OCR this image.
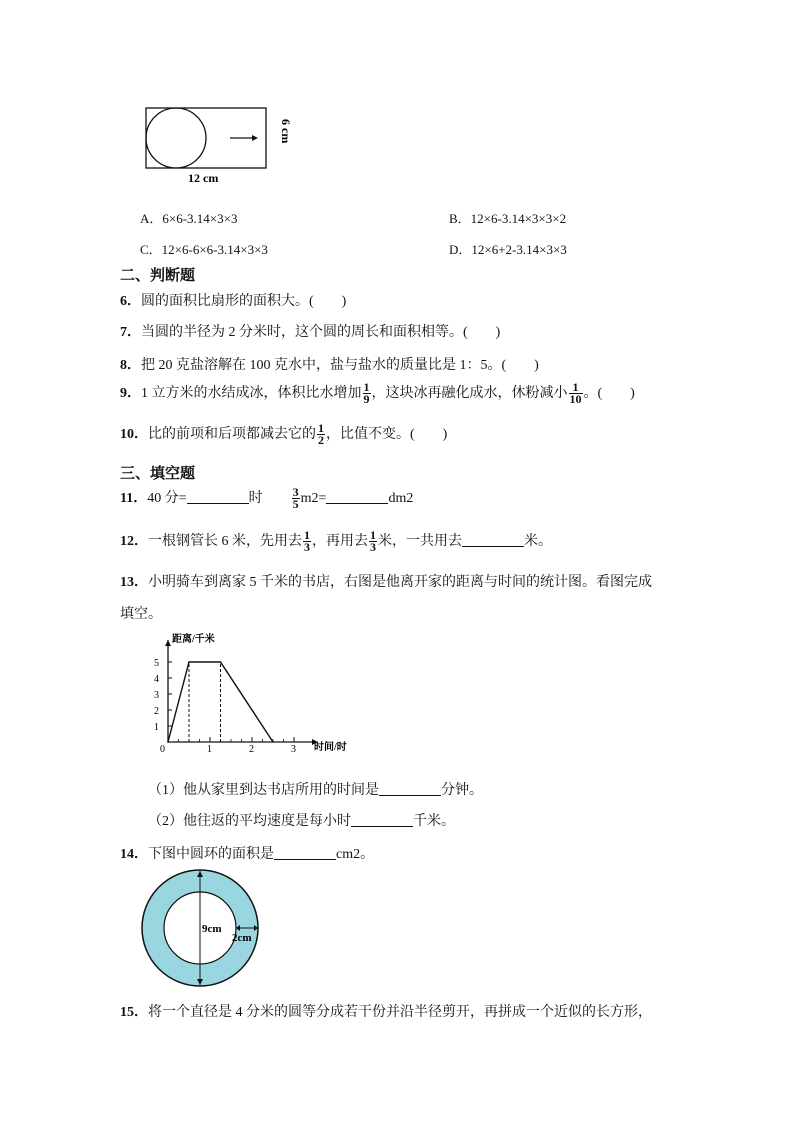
6 cm
12 cm
A．6×6-3.14×3×3	B．12×6-3.14×3×3×2
C．12×6-6×6-3.14×3×3	D．12×6+2-3.14×3×3
二、判断题
6．圆的面积比扇形的面积大。(　　)
7．当圆的半径为 2 分米时，这个圆的周长和面积相等。(　　)
8．把 20 克盐溶解在 100 克水中，盐与盐水的质量比是 1：5。(　　)
9．1 立方米的水结成冰，体积比水增加 $\frac{1}{9}$ ，这块冰再融化成水，休粉减小 $\frac{1}{10}$ 。(　　)
10．比的前项和后项都减去它的 $\frac{1}{2}$ ，比值不变。(　　)
三、填空题
11．40 分=	时 $\frac{3}{5} m2=$	dm2
12．一根钢管长 6 米，先用去 $\frac{1}{3}$ ，再用去 $\frac{1}{3}$ 米，一共用去	米。
13．小明骑车到离家 5 千米的书店，右图是他离开家的距离与时间的统计图。看图完成
填空。
距离/千米
时间/时
0	1	2	3
1
2
3
4
5
（1）他从家里到达书店所用的时间是	分钟。
（2）他往返的平均速度是每小时	千米。
14．下图中圆环的面积是	cm2。
9cm
2cm
15．将一个直径是 4 分米的圆等分成若干份并沿半径剪开，再拼成一个近似的长方形，
